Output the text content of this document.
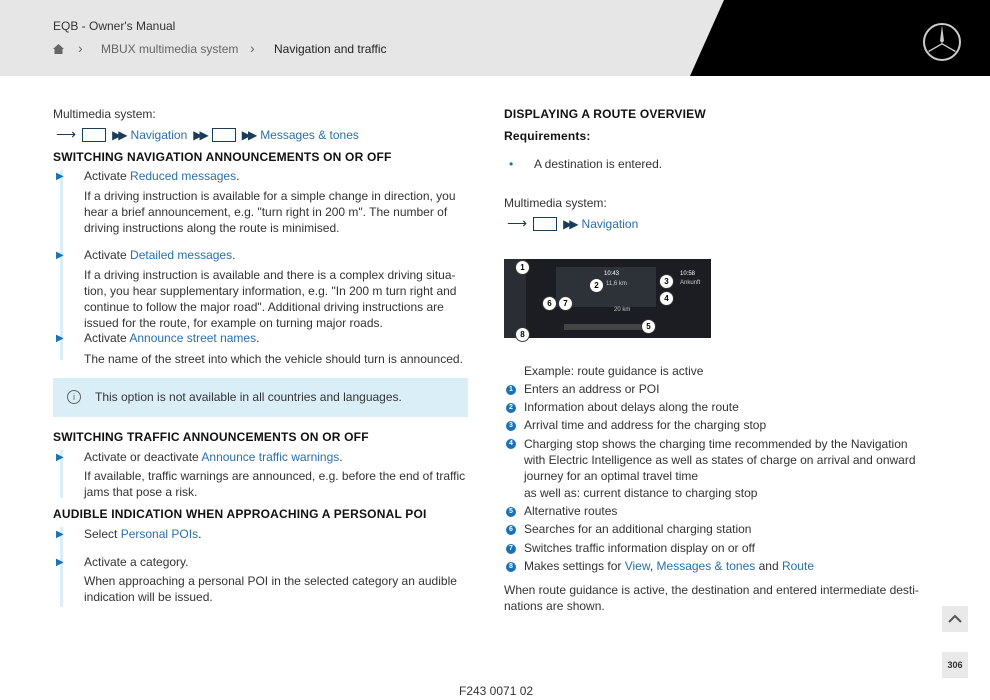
EQB - Owner's Manual
› MBUX multimedia system › Navigation and traffic
Multimedia system:
⟶	▶▶ Navigation ▶▶	▶▶ Messages & tones
SWITCHING NAVIGATION ANNOUNCEMENTS ON OR OFF
▶ Activate Reduced messages.
If a driving instruction is available for a simple change in direction, you
hear a brief announcement, e.g. "turn right in 200 m". The number of
driving instructions along the route is minimised.
▶ Activate Detailed messages.
If a driving instruction is available and there is a complex driving situa-
tion, you hear supplementary information, e.g. "In 200 m turn right and
continue to follow the major road". Additional driving instructions are
issued for the route, for example on turning major roads.
▶ Activate Announce street names.
The name of the street into which the vehicle should turn is announced.
i	This option is not available in all countries and languages.
SWITCHING TRAFFIC ANNOUNCEMENTS ON OR OFF
▶ Activate or deactivate Announce traffic warnings.
If available, traffic warnings are announced, e.g. before the end of traffic
jams that pose a risk.
AUDIBLE INDICATION WHEN APPROACHING A PERSONAL POI
▶ Select Personal POIs.
▶ Activate a category.
When approaching a personal POI in the selected category an audible
indication will be issued.
DISPLAYING A ROUTE OVERVIEW
Requirements:
• A destination is entered.
Multimedia system:
⟶	▶▶ Navigation
10:43
11,6 km
10:58
Ankunft
20 km
1
2	3
4
5
6	7
8
Example: route guidance is active
1 Enters an address or POI
2 Information about delays along the route
3 Arrival time and address for the charging stop
4 Charging stop shows the charging time recommended by the Navigation
with Electric Intelligence as well as states of charge on arrival and onward
journey for an optimal travel time
as well as: current distance to charging stop
5 Alternative routes
6 Searches for an additional charging station
7 Switches traffic information display on or off
8 Makes settings for View, Messages & tones and Route
When route guidance is active, the destination and entered intermediate desti-
nations are shown.
306
F243 0071 02
